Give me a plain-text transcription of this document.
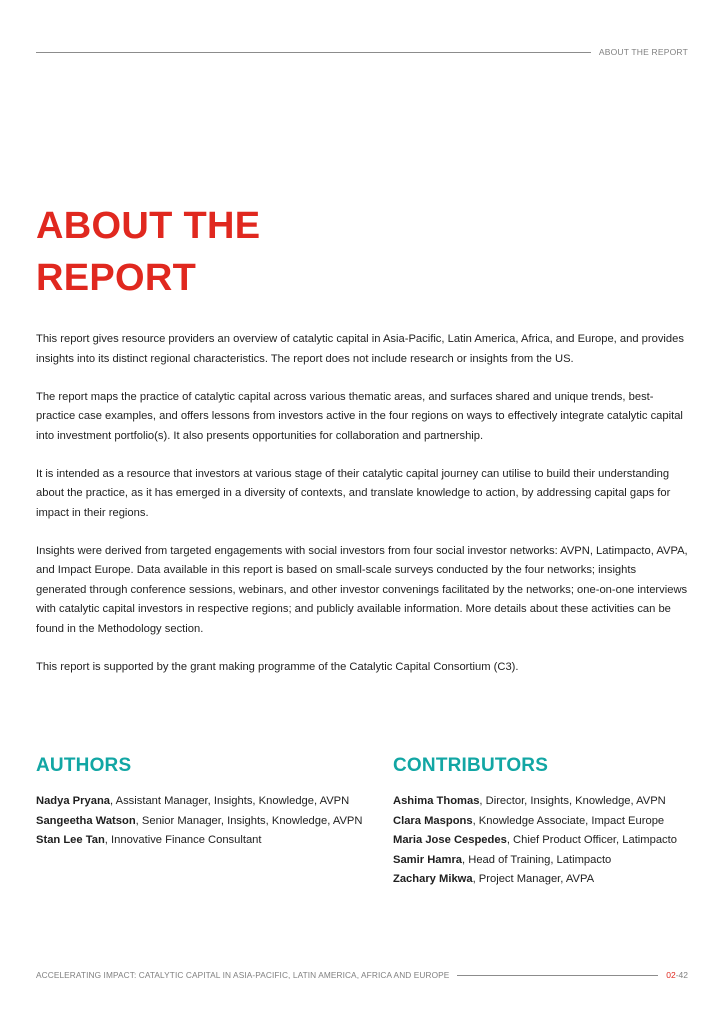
ABOUT THE REPORT
ABOUT THE
REPORT

This report gives resource providers an overview of catalytic capital in Asia-Pacific, Latin America, Africa, and Europe, and provides insights into its distinct regional characteristics. The report does not include research or insights from the US.

The report maps the practice of catalytic capital across various thematic areas, and surfaces shared and unique trends, best-practice case examples, and offers lessons from investors active in the four regions on ways to effectively integrate catalytic capital into investment portfolio(s). It also presents opportunities for collaboration and partnership.

It is intended as a resource that investors at various stage of their catalytic capital journey can utilise to build their understanding about the practice, as it has emerged in a diversity of contexts, and translate knowledge to action, by addressing capital gaps for impact in their regions.

Insights were derived from targeted engagements with social investors from four social investor networks: AVPN, Latimpacto, AVPA, and Impact Europe. Data available in this report is based on small-scale surveys conducted by the four networks; insights generated through conference sessions, webinars, and other investor convenings facilitated by the networks; one-on-one interviews with catalytic capital investors in respective regions; and publicly available information. More details about these activities can be found in the Methodology section.

This report is supported by the grant making programme of the Catalytic Capital Consortium (C3).

AUTHORS
Nadya Pryana, Assistant Manager, Insights, Knowledge, AVPN
Sangeetha Watson, Senior Manager, Insights, Knowledge, AVPN
Stan Lee Tan, Innovative Finance Consultant
CONTRIBUTORS
Ashima Thomas, Director, Insights, Knowledge, AVPN
Clara Maspons, Knowledge Associate, Impact Europe
Maria Jose Cespedes, Chief Product Officer, Latimpacto
Samir Hamra, Head of Training, Latimpacto
Zachary Mikwa, Project Manager, AVPA
ACCELERATING IMPACT: CATALYTIC CAPITAL IN ASIA-PACIFIC, LATIN AMERICA, AFRICA AND EUROPE	02-42
